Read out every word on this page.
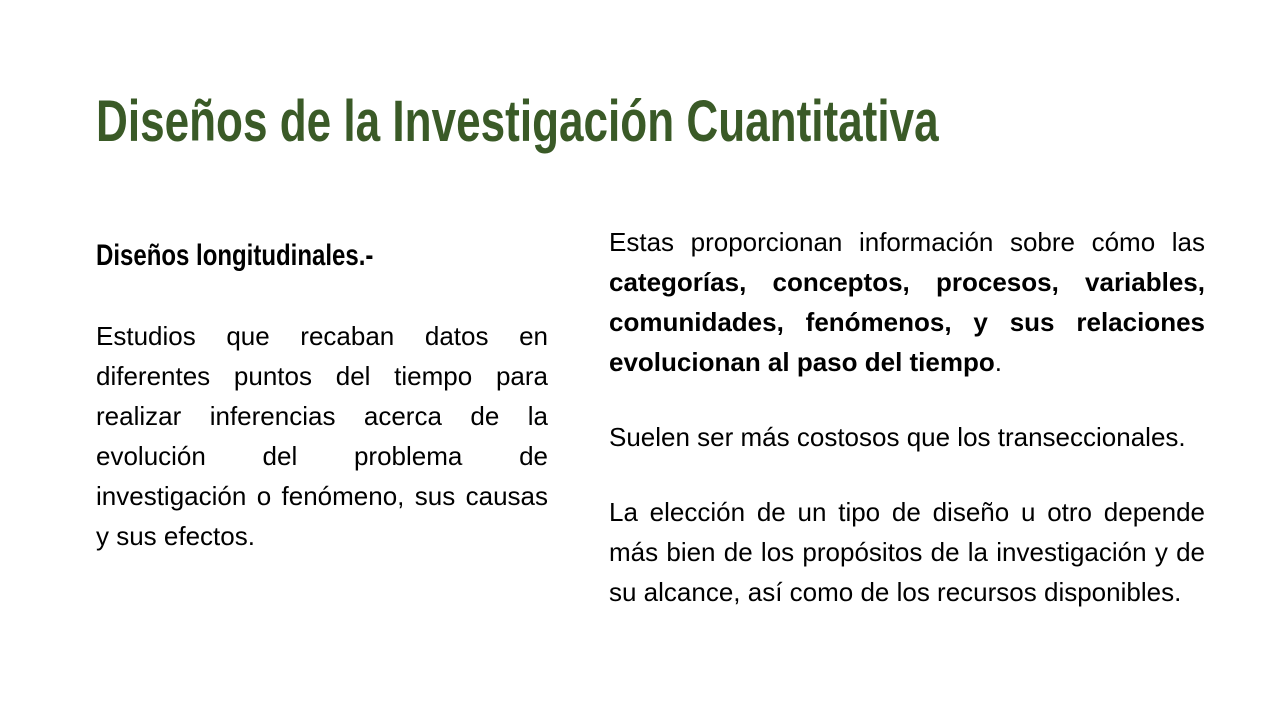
Diseños de la Investigación Cuantitativa
Diseños longitudinales.-

Estudios que recaban datos en diferentes puntos del tiempo para realizar inferencias acerca de la evolución del problema de investigación o fenómeno, sus causas y sus efectos.

Estas proporcionan información sobre cómo las categorías, conceptos, procesos, variables, comunidades, fenómenos, y sus relaciones evolucionan al paso del tiempo.

Suelen ser más costosos que los transeccionales.

La elección de un tipo de diseño u otro depende más bien de los propósitos de la investigación y de su alcance, así como de los recursos disponibles.
